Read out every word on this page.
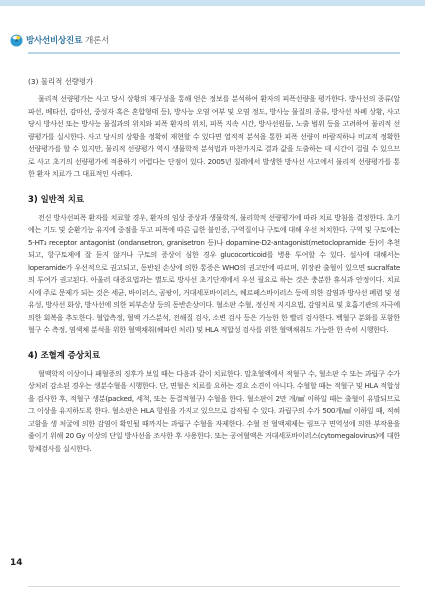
방사선비상진료 개론서
(3) 물리적 선량평가

물리적 선량평가는 사고 당시 상황의 재구성을 통해 얻은 정보를 분석하여 환자의 피폭선량을 평가한다. 방사선의 종류(알파선, 베타선, 감마선, 중성자 혹은 혼합형태 등), 방사능 오염 여부 및 오염 정도, 방사능 물질의 종류, 방사선 차폐 상황, 사고 당시 방사선 또는 방사능 물질과의 위치와 피폭 환자의 위치, 피폭 지속 시간, 방사선원들, 노출 범위 등을 고려하여 물리적 선량평가를 실시한다. 사고 당시의 상황을 정확히 재현할 수 있다면 열적적 분석을 통한 피폭 선량이 바람직하나 비교적 정확한 선량평가를 할 수 있지만, 물리적 선량평가 역시 생물학적 분석법과 마찬가지로 결과 값을 도출하는 데 시간이 걸릴 수 있으므로 사고 초기의 선량평가에 적용하기 어렵다는 단점이 있다. 2005년 칠레에서 발생한 방사선 사고에서 물리적 선량평가를 통한 환자 치료가 그 대표적인 사례다.

3) 일반적 치료

전신 방사선피폭 환자를 치료할 경우, 환자의 임상 증상과 생물학적, 물리학적 선량평가에 따라 치료 방침을 결정한다. 초기에는 기도 및 순환기능 유지에 중점을 두고 피폭에 따른 급한 불인증, 구역질이나 구토에 대해 우선 처치한다. 구역 및 구토에는 5-HT₃ receptor antagonist (ondansetron, granisetron 등)나 dopamine-D2-antagonist(metoclopramide 등)이 추천되고, 항구토제에 잘 듣지 않거나 구토의 증상이 심한 경우 glucocorticoid를 병용 투여할 수 있다. 설사에 대해서는 loperamide가 우선적으로 권고되고, 동반된 손상에 의한 통증은 WHO의 권고안에 따르며, 위장관 출혈이 있으면 sucralfate의 투여가 권고된다. 아울러 대증요법과는 별도로 방사선 초기단계에서 우선 필요로 하는 것은 충분한 휴식과 안정이다. 치료 시에 주로 문제가 되는 것은 세균, 바이러스, 곰팡이, 거대세포바이러스, 헤르페스바이러스 등에 의한 감염과 방사선 폐렴 및 섬유성, 방사선 화상, 방사선에 의한 피부손상 등의 동반손상이다. 혈소판 수혈, 정신적 지지요법, 감염치료 및 호흡기관의 자극에 의한 회복을 추도한다. 혈압측정, 혈액 가스분석, 전해질 검사, 소변 검사 등은 가능한 한 빨리 검사한다. 백혈구 분화를 포함한 혈구 수 측정, 염색체 분석을 위한 혈액채취(헤파린 처리) 및 HLA 적합성 검사를 위한 혈액채취도 가능한 한 속히 시행한다.

4) 조혈계 증상치료

혈액학적 이상이나 패혈증의 징후가 보일 때는 다음과 같이 치료한다. 말초혈액에서 적혈구 수, 혈소판 수 또는 과립구 수가 상처러 감소된 경우는 생분수혈을 시행한다. 단, 면혈은 치료를 요하는 경요 소견이 아니다. 수혈할 때는 적혈구 및 HLA 적합성을 검사한 후, 적혈구 생분(packed, 세척, 또는 동결적혈구) 수혈을 한다. 혈소판이 2만 개/㎣ 이하일 때는 출혈이 유발되므로 그 이상을 유지하도록 한다. 혈소판은 HLA 항원을 가지고 있으므로 감작될 수 있다. 과립구의 수가 500개/㎣ 이하일 때, 적혀 고함을 생 처굴에 의한 감염이 확인될 때까지는 과립구 수혈을 자제한다. 수혈 전 혈액제제는 림프구 면역성에 의한 부작용을 줄이기 위해 20 Gy 이상의 단일 방사선을 조사한 후 사용한다. 또는 공여혈액은 거대세포바이러스(cytomegalovirus)에 대한 항체검사를 실시한다.

14
